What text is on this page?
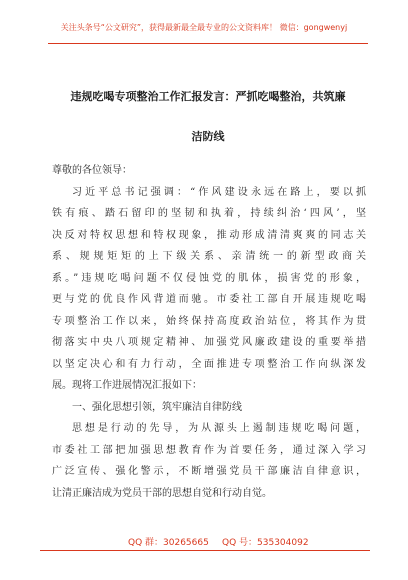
关注头条号“公文研究”，获得最新最全最专业的公文资料库！ 微信：gongwenyj
违规吃喝专项整治工作汇报发言：严抓吃喝整治，共筑廉
洁防线
尊敬的各位领导：
习近平总书记强调：“作风建设永远在路上，要以抓
铁有痕、踏石留印的坚韧和执着，持续纠治‘四风’，坚
决反对特权思想和特权现象，推动形成清清爽爽的同志关
系、规规矩矩的上下级关系、亲清统一的新型政商关
系。”违规吃喝问题不仅侵蚀党的肌体，损害党的形象，
更与党的优良作风背道而驰。市委社工部自开展违规吃喝
专项整治工作以来，始终保持高度政治站位，将其作为贯
彻落实中央八项规定精神、加强党风廉政建设的重要举措
以坚定决心和有力行动，全面推进专项整治工作向纵深发
展。现将工作进展情况汇报如下：
一、强化思想引领，筑牢廉洁自律防线
思想是行动的先导，为从源头上遏制违规吃喝问题，
市委社工部把加强思想教育作为首要任务，通过深入学习
广泛宣传、强化警示，不断增强党员干部廉洁自律意识，
让清正廉洁成为党员干部的思想自觉和行动自觉。
QQ 群：30265665 QQ 号：535304092
